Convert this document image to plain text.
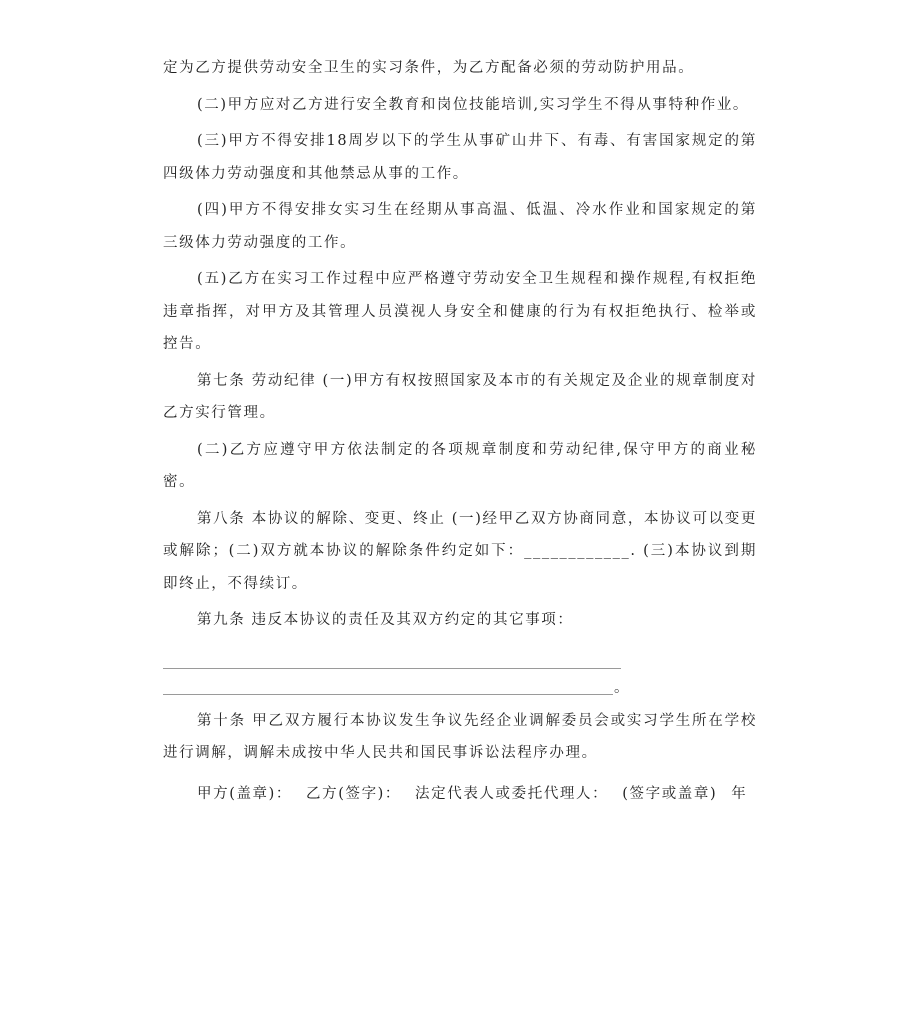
定为乙方提供劳动安全卫生的实习条件，为乙方配备必须的劳动防护用品。

(二)甲方应对乙方进行安全教育和岗位技能培训,实习学生不得从事特种作业。

(三)甲方不得安排18周岁以下的学生从事矿山井下、有毒、有害国家规定的第四级体力劳动强度和其他禁忌从事的工作。

(四)甲方不得安排女实习生在经期从事高温、低温、冷水作业和国家规定的第三级体力劳动强度的工作。

(五)乙方在实习工作过程中应严格遵守劳动安全卫生规程和操作规程,有权拒绝违章指挥，对甲方及其管理人员漠视人身安全和健康的行为有权拒绝执行、检举或控告。

第七条 劳动纪律 (一)甲方有权按照国家及本市的有关规定及企业的规章制度对乙方实行管理。

(二)乙方应遵守甲方依法制定的各项规章制度和劳动纪律,保守甲方的商业秘密。

第八条 本协议的解除、变更、终止 (一)经甲乙双方协商同意，本协议可以变更或解除；(二)双方就本协议的解除条件约定如下：____________. (三)本协议到期即终止，不得续订。

第九条 违反本协议的责任及其双方约定的其它事项：

。

第十条 甲乙双方履行本协议发生争议先经企业调解委员会或实习学生所在学校进行调解，调解未成按中华人民共和国民事诉讼法程序办理。

甲方(盖章)： 乙方(签字)： 法定代表人或委托代理人： (签字或盖章) 年
